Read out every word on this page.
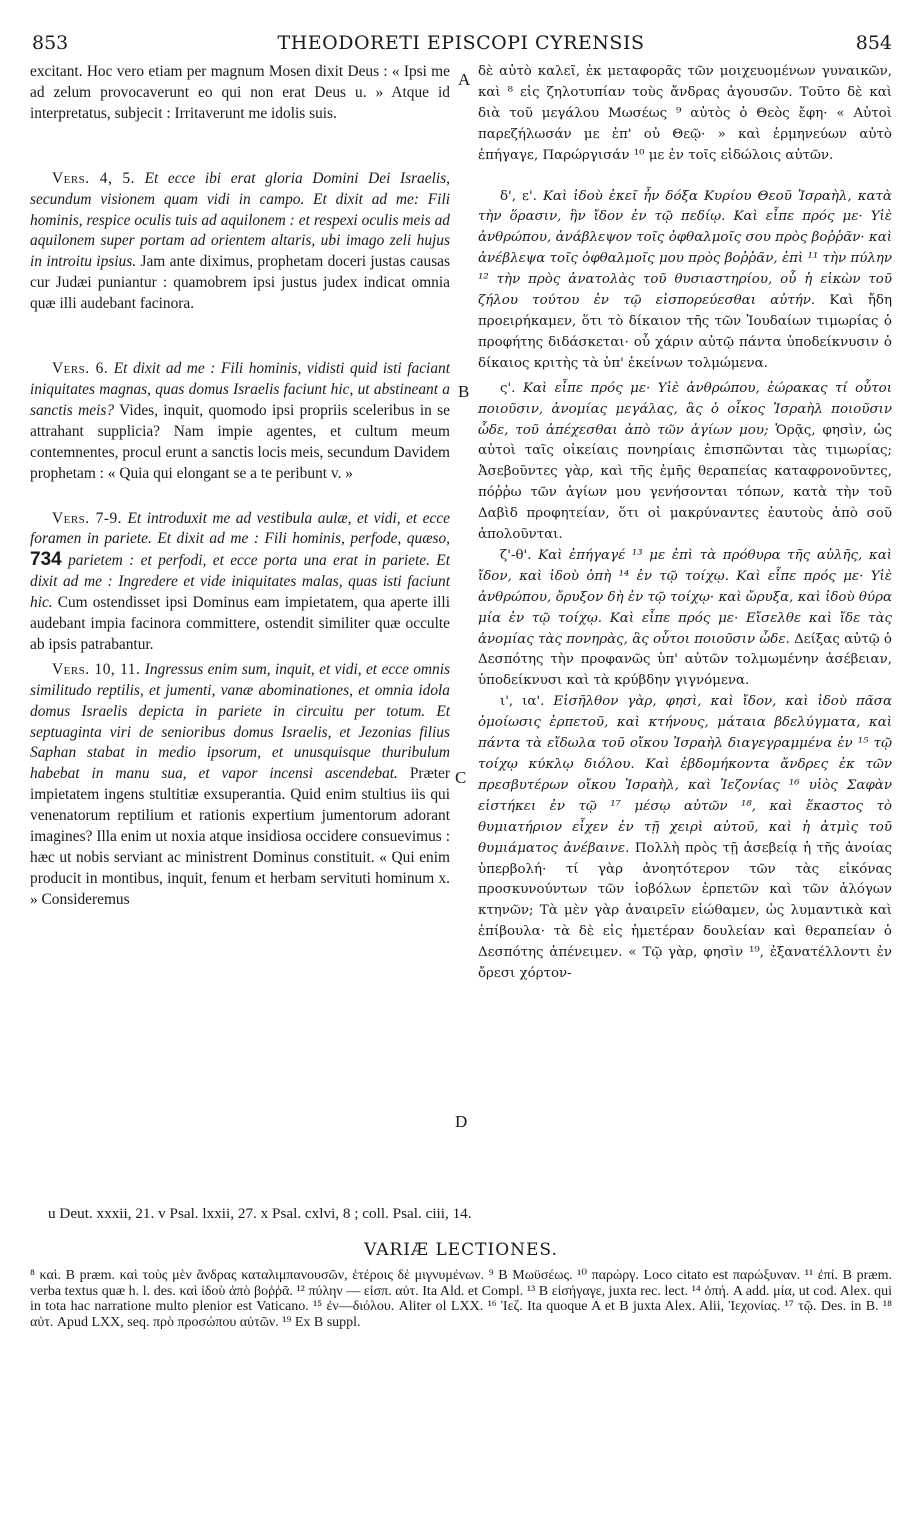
853	THEODORETI EPISCOPI CYRENSIS	854
A
B
C
D

excitant. Hoc vero etiam per magnum Mosen dixit Deus : « Ipsi me ad zelum provocaverunt eo qui non erat Deus u. » Atque id interpretatus, subjecit : Irritaverunt me idolis suis.

Vers. 4, 5. Et ecce ibi erat gloria Domini Dei Israelis, secundum visionem quam vidi in campo. Et dixit ad me: Fili hominis, respice oculis tuis ad aquilonem : et respexi oculis meis ad aquilonem super portam ad orientem altaris, ubi imago zeli hujus in introitu ipsius. Jam ante diximus, prophetam doceri justas causas cur Judæi puniantur : quamobrem ipsi justus judex indicat omnia quæ illi audebant facinora.

Vers. 6. Et dixit ad me : Fili hominis, vidisti quid isti faciant iniquitates magnas, quas domus Israelis faciunt hic, ut abstineant a sanctis meis? Vides, inquit, quomodo ipsi propriis sceleribus in se attrahant supplicia? Nam impie agentes, et cultum meum contemnentes, procul erunt a sanctis locis meis, secundum Davidem prophetam : « Quia qui elongant se a te peribunt v. »

Vers. 7-9. Et introduxit me ad vestibula aulæ, et vidi, et ecce foramen in pariete. Et dixit ad me : Fili hominis, perfode, quæso, 734 parietem : et perfodi, et ecce porta una erat in pariete. Et dixit ad me : Ingredere et vide iniquitates malas, quas isti faciunt hic. Cum ostendisset ipsi Dominus eam impietatem, qua aperte illi audebant impia facinora committere, ostendit similiter quæ occulte ab ipsis patrabantur.

Vers. 10, 11. Ingressus enim sum, inquit, et vidi, et ecce omnis similitudo reptilis, et jumenti, vanæ abominationes, et omnia idola domus Israelis depicta in pariete in circuitu per totum. Et septuaginta viri de senioribus domus Israelis, et Jezonias filius Saphan stabat in medio ipsorum, et unusquisque thuribulum habebat in manu sua, et vapor incensi ascendebat. Præter impietatem ingens stultitiæ exsuperantia. Quid enim stultius iis qui venenatorum reptilium et rationis expertium jumentorum adorant imagines? Illa enim ut noxia atque insidiosa occidere consuevimus : hæc ut nobis serviant ac ministrent Dominus constituit. « Qui enim producit in montibus, inquit, fenum et herbam servituti hominum x. » Consideremus

δὲ αὐτὸ καλεῖ, ἐκ μεταφορᾶς τῶν μοιχευομένων γυναικῶν, καὶ ⁸ εἰς ζηλοτυπίαν τοὺς ἄνδρας ἀγουσῶν. Τοῦτο δὲ καὶ διὰ τοῦ μεγάλου Μωσέως ⁹ αὐτὸς ὁ Θεὸς ἔφη· « Αὐτοὶ παρεζήλωσάν με ἐπ' οὐ Θεῷ· » καὶ ἑρμηνεύων αὐτὸ ἐπήγαγε, Παρώργισάν ¹⁰ με ἐν τοῖς εἰδώλοις αὐτῶν.

δ', ε'. Καὶ ἰδοὺ ἐκεῖ ἦν δόξα Κυρίου Θεοῦ Ἰσραὴλ, κατὰ τὴν ὅρασιν, ἣν ἴδον ἐν τῷ πεδίῳ. Καὶ εἶπε πρός με· Υἱὲ ἀνθρώπου, ἀνάβλεψον τοῖς ὀφθαλμοῖς σου πρὸς βοῤῥᾶν· καὶ ἀνέβλεψα τοῖς ὀφθαλμοῖς μου πρὸς βοῤῥᾶν, ἐπὶ ¹¹ τὴν πύλην ¹² τὴν πρὸς ἀνατολὰς τοῦ θυσιαστηρίου, οὗ ἡ εἰκὼν τοῦ ζήλου τούτου ἐν τῷ εἰσπορεύεσθαι αὐτήν. Καὶ ἤδη προειρήκαμεν, ὅτι τὸ δίκαιον τῆς τῶν Ἰουδαίων τιμωρίας ὁ προφήτης διδάσκεται· οὗ χάριν αὐτῷ πάντα ὑποδείκνυσιν ὁ δίκαιος κριτὴς τὰ ὑπ' ἐκείνων τολμώμενα.

ς'. Καὶ εἶπε πρός με· Υἱὲ ἀνθρώπου, ἑώρακας τί οὗτοι ποιοῦσιν, ἀνομίας μεγάλας, ἃς ὁ οἶκος Ἰσραὴλ ποιοῦσιν ὧδε, τοῦ ἀπέχεσθαι ἀπὸ τῶν ἁγίων μου; Ὁρᾷς, φησὶν, ὡς αὐτοὶ ταῖς οἰκείαις πονηρίαις ἐπισπῶνται τὰς τιμωρίας; Ἀσεβοῦντες γὰρ, καὶ τῆς ἐμῆς θεραπείας καταφρονοῦντες, πόῤῥω τῶν ἁγίων μου γενήσονται τόπων, κατὰ τὴν τοῦ Δαβὶδ προφητείαν, ὅτι οἱ μακρύναντες ἑαυτοὺς ἀπὸ σοῦ ἀπολοῦνται.

ζ'-θ'. Καὶ ἐπήγαγέ ¹³ με ἐπὶ τὰ πρόθυρα τῆς αὐλῆς, καὶ ἴδον, καὶ ἰδοὺ ὀπὴ ¹⁴ ἐν τῷ τοίχῳ. Καὶ εἶπε πρός με· Υἱὲ ἀνθρώπου, ὄρυξον δὴ ἐν τῷ τοίχῳ· καὶ ὤρυξα, καὶ ἰδοὺ θύρα μία ἐν τῷ τοίχῳ. Καὶ εἶπε πρός με· Εἴσελθε καὶ ἴδε τὰς ἀνομίας τὰς πονηρὰς, ἃς οὗτοι ποιοῦσιν ὧδε. Δείξας αὐτῷ ὁ Δεσπότης τὴν προφανῶς ὑπ' αὐτῶν τολμωμένην ἀσέβειαν, ὑποδείκνυσι καὶ τὰ κρύβδην γιγνόμενα.

ι', ια'. Εἰσῆλθον γὰρ, φησὶ, καὶ ἴδον, καὶ ἰδοὺ πᾶσα ὁμοίωσις ἑρπετοῦ, καὶ κτήνους, μάταια βδελύγματα, καὶ πάντα τὰ εἴδωλα τοῦ οἴκου Ἰσραὴλ διαγεγραμμένα ἐν ¹⁵ τῷ τοίχῳ κύκλῳ διόλου. Καὶ ἑβδομήκοντα ἄνδρες ἐκ τῶν πρεσβυτέρων οἴκου Ἰσραὴλ, καὶ Ἰεζονίας ¹⁶ υἱὸς Σαφὰν εἱστήκει ἐν τῷ ¹⁷ μέσῳ αὐτῶν ¹⁸, καὶ ἕκαστος τὸ θυμιατήριον εἶχεν ἐν τῇ χειρὶ αὐτοῦ, καὶ ἡ ἀτμὶς τοῦ θυμιάματος ἀνέβαινε. Πολλὴ πρὸς τῇ ἀσεβείᾳ ἡ τῆς ἀνοίας ὑπερβολή· τί γὰρ ἀνοητότερον τῶν τὰς εἰκόνας προσκυνούντων τῶν ἰοβόλων ἑρπετῶν καὶ τῶν ἀλόγων κτηνῶν; Τὰ μὲν γὰρ ἀναιρεῖν εἰώθαμεν, ὡς λυμαντικὰ καὶ ἐπίβουλα· τὰ δὲ εἰς ἡμετέραν δουλείαν καὶ θεραπείαν ὁ Δεσπότης ἀπένειμεν. « Τῷ γὰρ, φησὶν ¹⁹, ἐξανατέλλοντι ἐν ὄρεσι χόρτον-

u Deut. xxxii, 21. v Psal. lxxii, 27. x Psal. cxlvi, 8 ; coll. Psal. ciii, 14.
VARIÆ LECTIONES.
⁸ καὶ. B præm. καὶ τοὺς μὲν ἄνδρας καταλιμπανουσῶν, ἑτέροις δὲ μιγνυμένων. ⁹ B Μωϋσέως. ¹⁰ παρώργ. Loco citato est παρώξυναν. ¹¹ ἐπί. B præm. verba textus quæ h. l. des. καὶ ἰδοὺ ἀπὸ βοῤῥᾶ. ¹² πύλην — εἰσπ. αὐτ. Ita Ald. et Compl. ¹³ B εἰσήγαγε, juxta rec. lect. ¹⁴ ὀπή. A add. μία, ut cod. Alex. qui in tota hac narratione multo plenior est Vaticano. ¹⁵ ἐν—διόλου. Aliter ol LXX. ¹⁶ Ἰεζ. Ita quoque A et B juxta Alex. Alii, Ἰεχονίας. ¹⁷ τῷ. Des. in B. ¹⁸ αὐτ. Apud LXX, seq. πρὸ προσώπου αὐτῶν. ¹⁹ Ex B suppl.
